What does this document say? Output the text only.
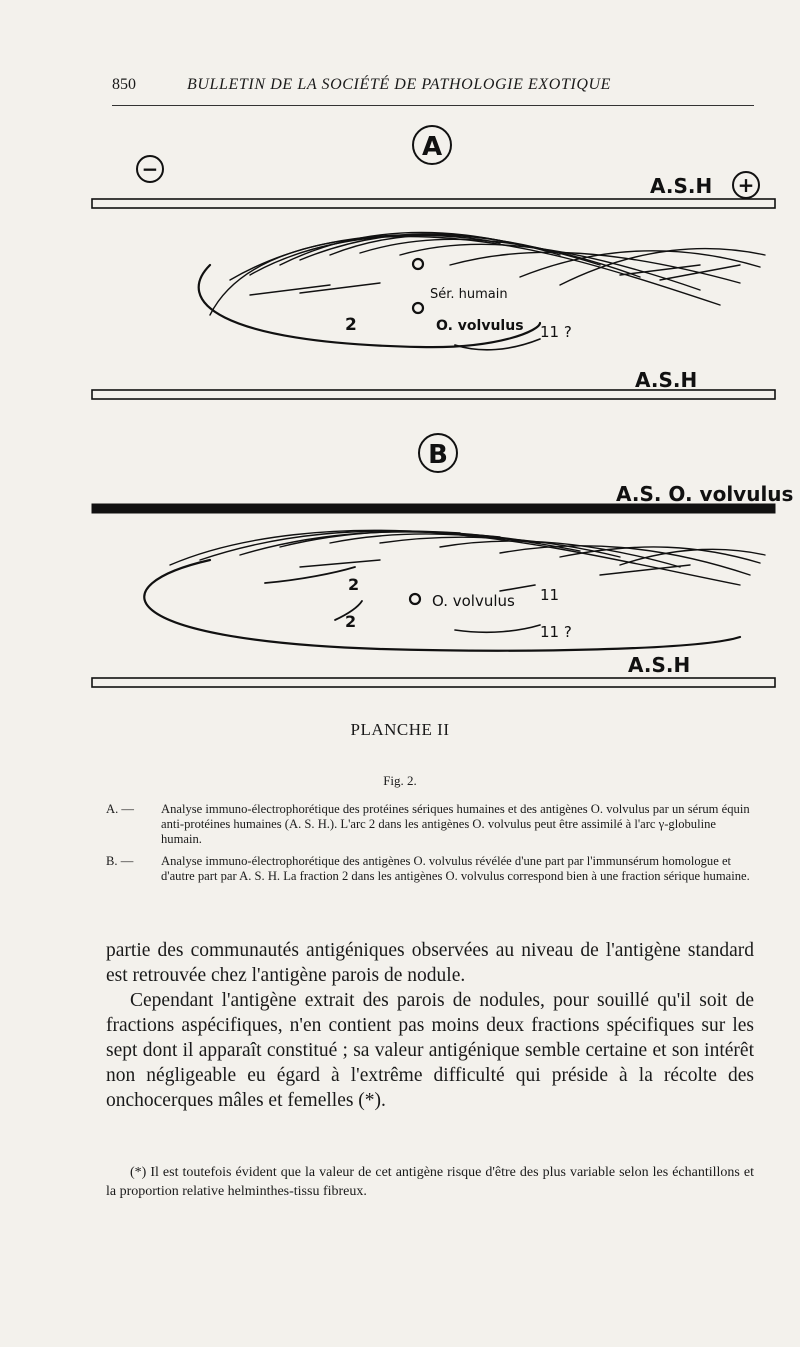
850	BULLETIN DE LA SOCIÉTÉ DE PATHOLOGIE EXOTIQUE
A
−
+
A.S.H
Sér. humain
O. volvulus
2	11 ?
A.S.H
B
A.S. O. volvulus
2
2
O. volvulus 11
11 ?
A.S.H
PLANCHE II
Fig. 2.
A. — Analyse immuno-électrophorétique des protéines sériques humaines et des antigènes O. volvulus par un sérum équin anti-protéines humaines (A. S. H.). L'arc 2 dans les antigènes O. volvulus peut être assimilé à l'arc γ-globuline humain.
B. — Analyse immuno-électrophorétique des antigènes O. volvulus révélée d'une part par l'immunsérum homologue et d'autre part par A. S. H. La fraction 2 dans les antigènes O. volvulus correspond bien à une fraction sérique humaine.
partie des communautés antigéniques observées au niveau de l'antigène standard est retrouvée chez l'antigène parois de nodule.
Cependant l'antigène extrait des parois de nodules, pour souillé qu'il soit de fractions aspécifiques, n'en contient pas moins deux fractions spécifiques sur les sept dont il apparaît constitué ; sa valeur antigénique semble certaine et son intérêt non négligeable eu égard à l'extrême difficulté qui préside à la récolte des onchocerques mâles et femelles (*).
(*) Il est toutefois évident que la valeur de cet antigène risque d'être des plus variable selon les échantillons et la proportion relative helminthes-tissu fibreux.
